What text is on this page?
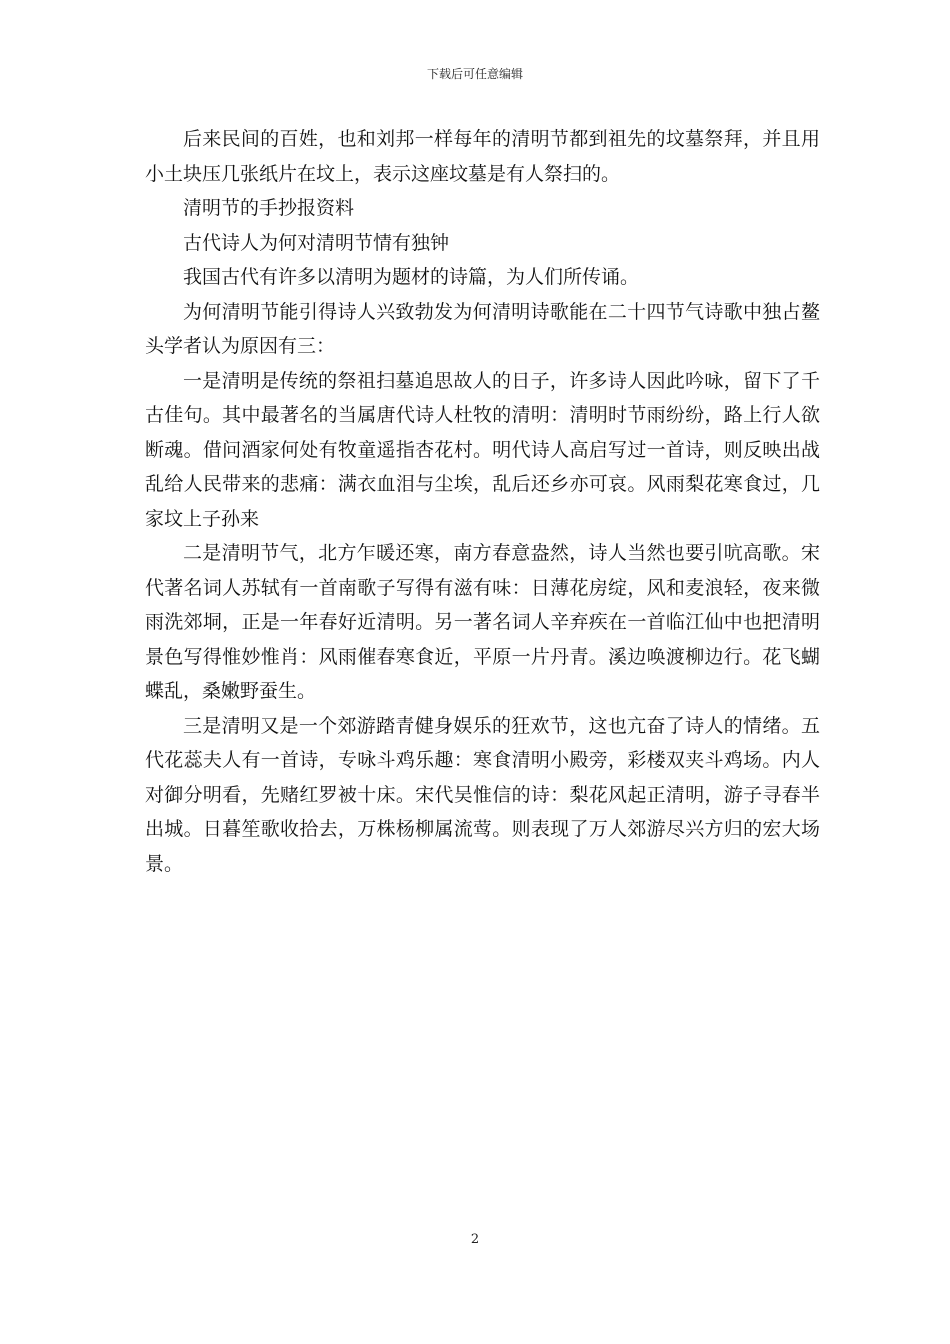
下载后可任意编辑

后来民间的百姓，也和刘邦一样每年的清明节都到祖先的坟墓祭拜，并且用小土块压几张纸片在坟上，表示这座坟墓是有人祭扫的。

清明节的手抄报资料

古代诗人为何对清明节情有独钟

我国古代有许多以清明为题材的诗篇，为人们所传诵。

为何清明节能引得诗人兴致勃发为何清明诗歌能在二十四节气诗歌中独占鳌头学者认为原因有三：

一是清明是传统的祭祖扫墓追思故人的日子，许多诗人因此吟咏，留下了千古佳句。其中最著名的当属唐代诗人杜牧的清明：清明时节雨纷纷，路上行人欲断魂。借问酒家何处有牧童遥指杏花村。明代诗人高启写过一首诗，则反映出战乱给人民带来的悲痛：满衣血泪与尘埃，乱后还乡亦可哀。风雨梨花寒食过，几家坟上子孙来

二是清明节气，北方乍暖还寒，南方春意盎然，诗人当然也要引吭高歌。宋代著名词人苏轼有一首南歌子写得有滋有味：日薄花房绽，风和麦浪轻，夜来微雨洗郊垌，正是一年春好近清明。另一著名词人辛弃疾在一首临江仙中也把清明景色写得惟妙惟肖：风雨催春寒食近，平原一片丹青。溪边唤渡柳边行。花飞蝴蝶乱，桑嫩野蚕生。

三是清明又是一个郊游踏青健身娱乐的狂欢节，这也亢奋了诗人的情绪。五代花蕊夫人有一首诗，专咏斗鸡乐趣：寒食清明小殿旁，彩楼双夹斗鸡场。内人对御分明看，先赌红罗被十床。宋代吴惟信的诗：梨花风起正清明，游子寻春半出城。日暮笙歌收拾去，万株杨柳属流莺。则表现了万人郊游尽兴方归的宏大场景。

2
